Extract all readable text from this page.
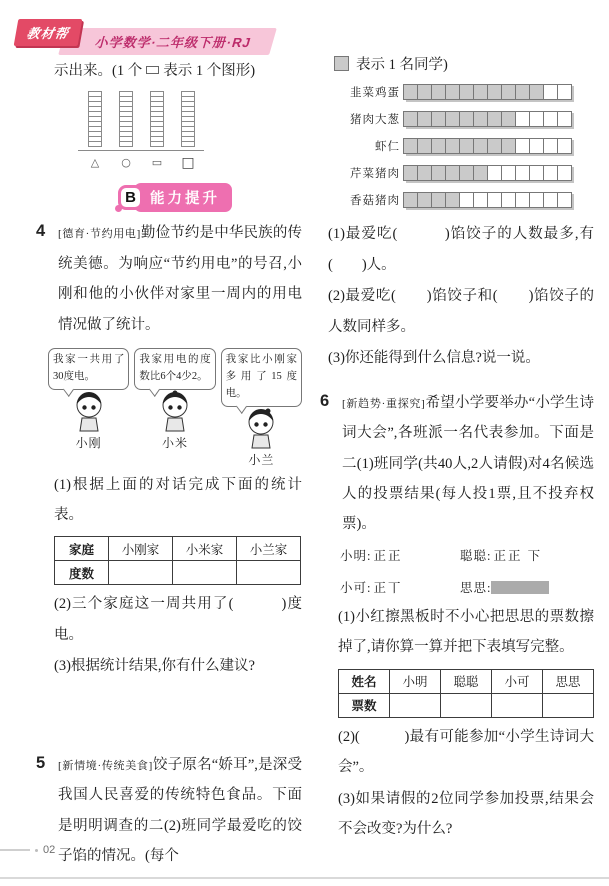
教材帮
小学数学·二年级下册·RJ

示出来。(1 个 表示 1 个图形)

△ ○ ▭ □
B 能力提升
4	[德育·节约用电]勤俭节约是中华民族的传统美德。为响应“节约用电”的号召,小刚和他的小伙伴对家里一周内的用电情况做了统计。
我家一共用了30度电。
小刚
我家用电的度数比6个4少2。
小米
我家比小刚家多用了15度电。
小兰

(1)根据上面的对话完成下面的统计表。

家庭	小刚家	小米家	小兰家
度数			

(2)三个家庭这一周共用了(　　　)度电。

(3)根据统计结果,你有什么建议?

5	[新情境·传统美食]饺子原名“娇耳”,是深受我国人民喜爱的传统特色食品。下面是明明调查的二(2)班同学最爱吃的饺子馅的情况。(每个

表示 1 名同学)

韭菜鸡蛋
猪肉大葱
虾仁
芹菜猪肉
香菇猪肉

(1)最爱吃(　　　)馅饺子的人数最多,有(　　)人。

(2)最爱吃(　　)馅饺子和(　　)馅饺子的人数同样多。

(3)你还能得到什么信息?说一说。

6	[新趋势·重探究]希望小学要举办“小学生诗词大会”,各班派一名代表参加。下面是二(1)班同学(共40人,2人请假)对4名候选人的投票结果(每人投1票,且不投弃权票)。
小明: 正正	聪聪: 正正 下
小可: 正丅	思思:

(1)小红擦黑板时不小心把思思的票数擦掉了,请你算一算并把下表填写完整。

姓名	小明	聪聪	小可	思思
票数				

(2)(　　　)最有可能参加“小学生诗词大会”。

(3)如果请假的2位同学参加投票,结果会不会改变?为什么?

02
